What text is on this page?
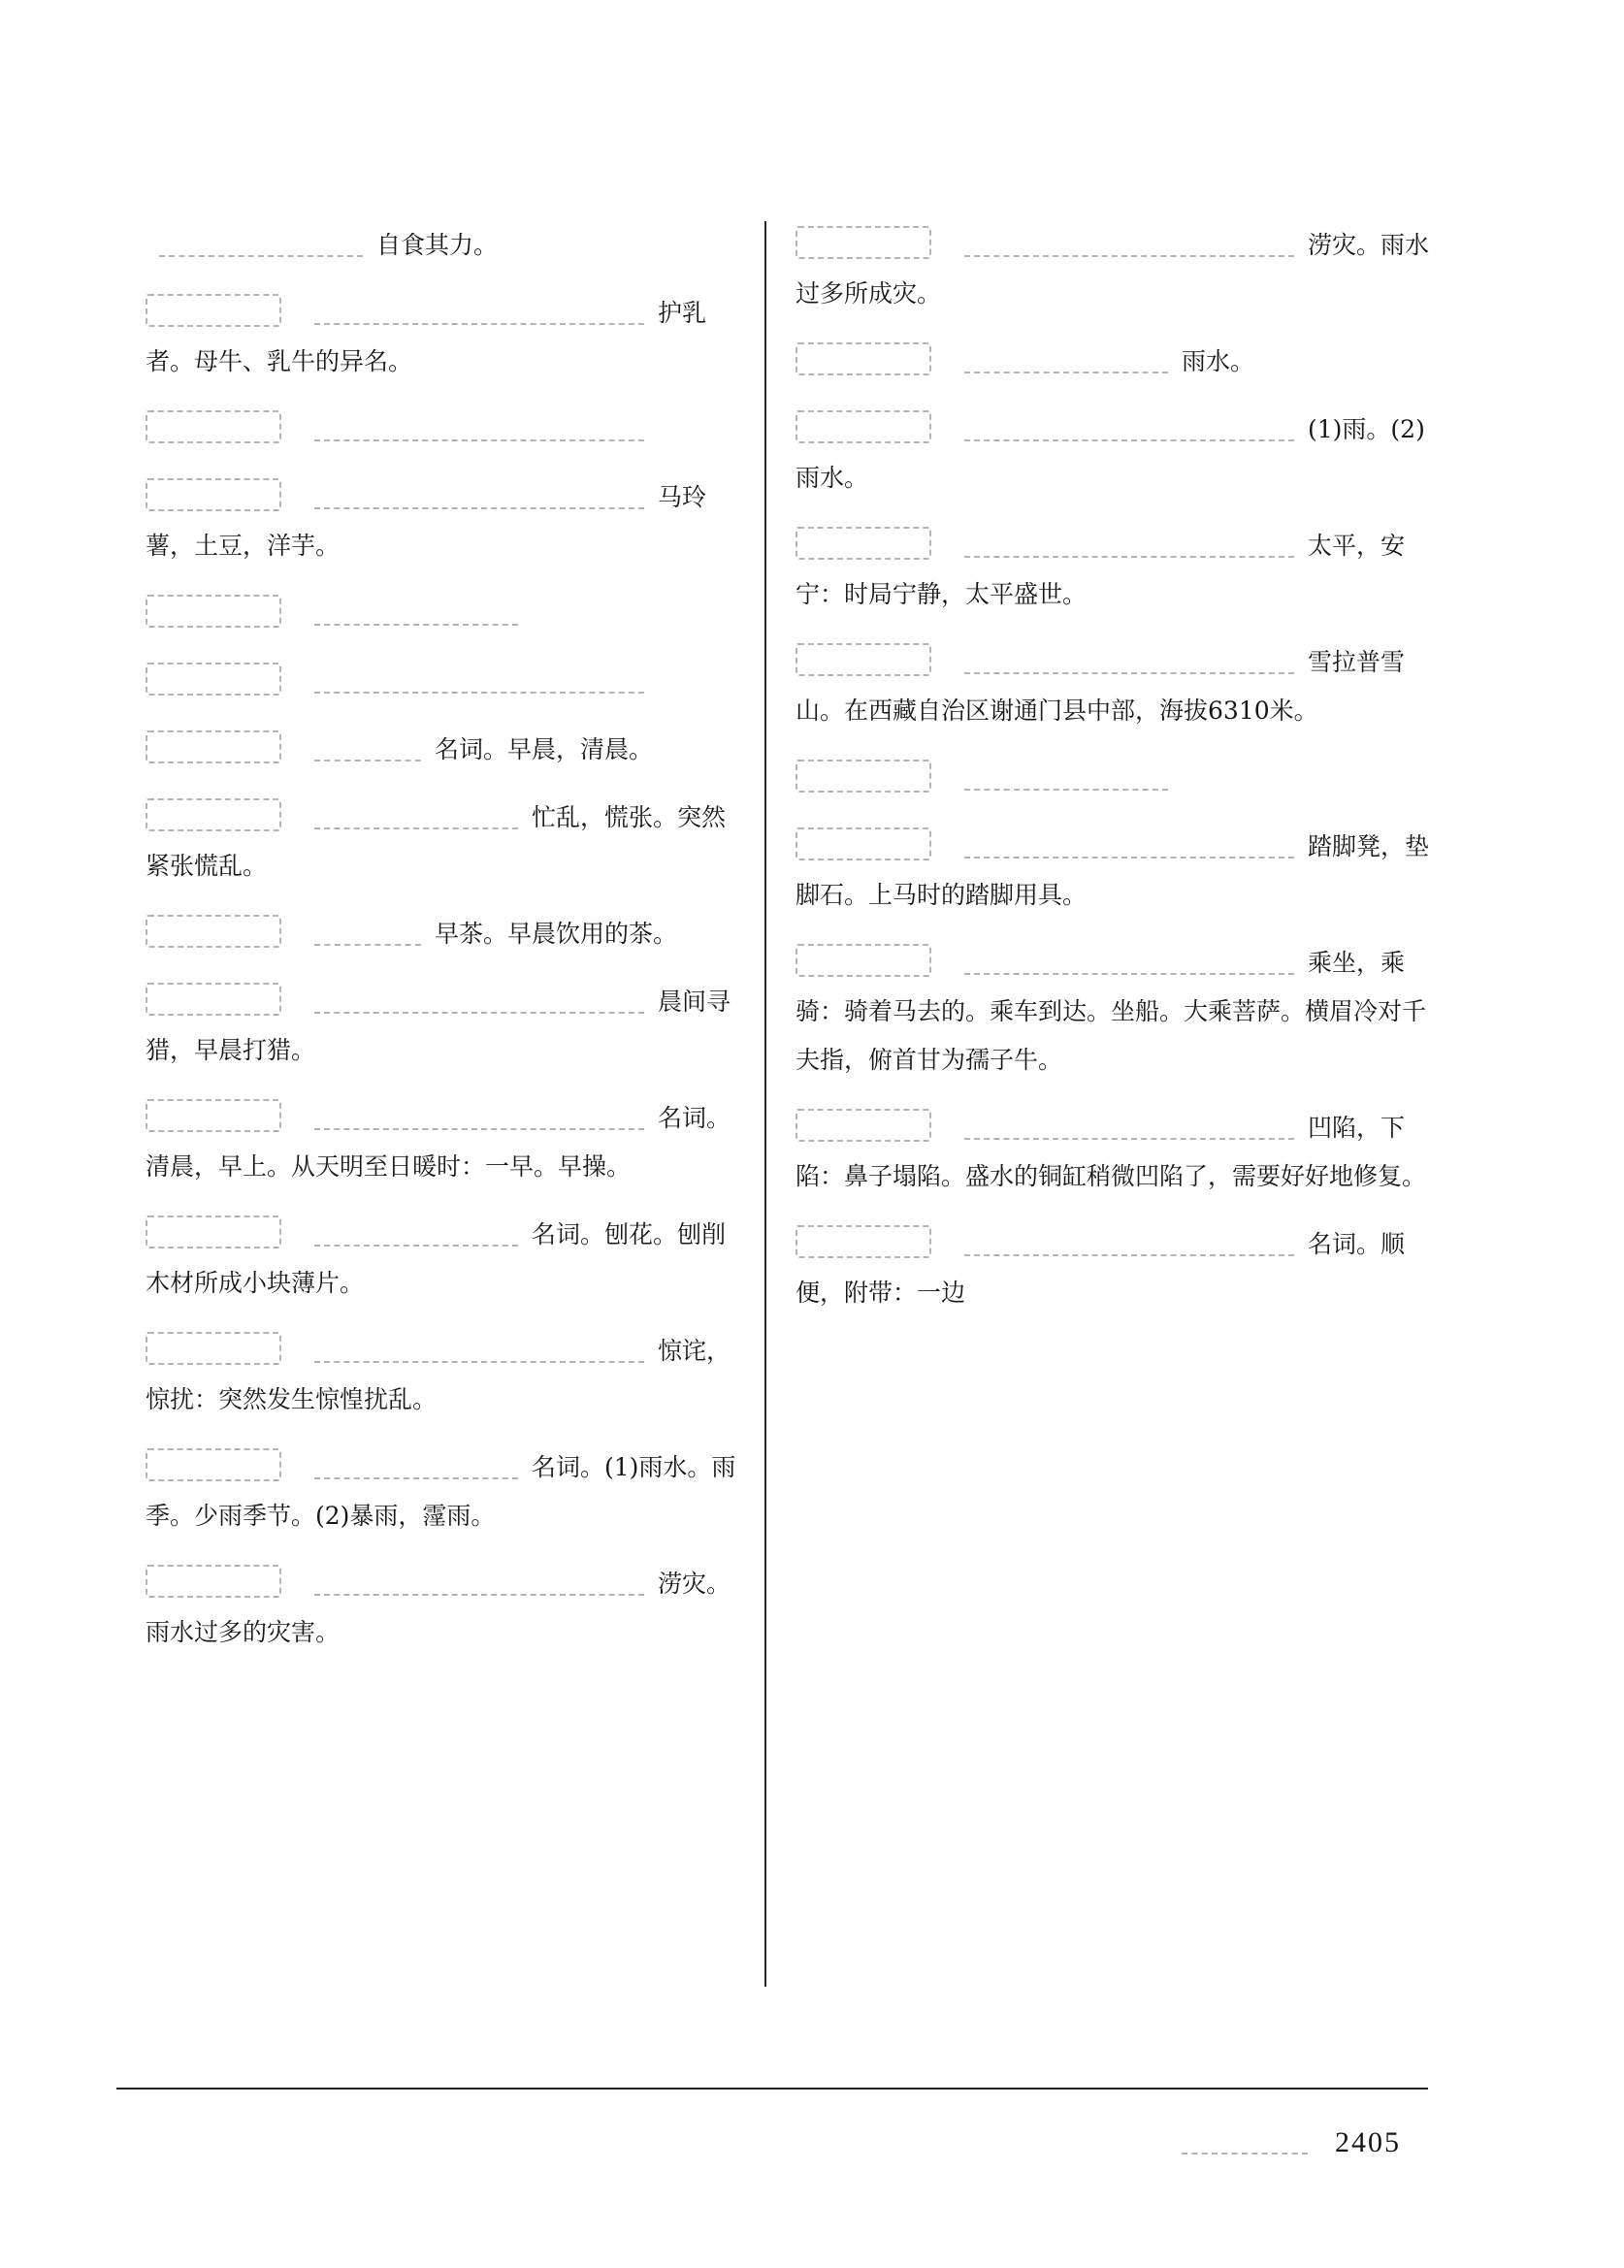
自食其力。
护乳者。母牛、乳牛的异名。
马玲薯，土豆，洋芋。
名词。早晨，清晨。
忙乱，慌张。突然紧张慌乱。
早茶。早晨饮用的茶。
晨间寻猎，早晨打猎。
名词。清晨，早上。从天明至日暖时：一早。早操。
名词。刨花。刨削木材所成小块薄片。
惊诧，惊扰：突然发生惊惶扰乱。
名词。(1)雨水。雨季。少雨季节。(2)暴雨，霪雨。
涝灾。雨水过多的灾害。
涝灾。雨水过多所成灾。
雨水。
(1)雨。(2)雨水。
太平，安宁：时局宁静，太平盛世。
雪拉普雪山。在西藏自治区谢通门县中部，海拔6310米。
踏脚凳，垫脚石。上马时的踏脚用具。
乘坐，乘骑：骑着马去的。乘车到达。坐船。大乘菩萨。横眉冷对千夫指，俯首甘为孺子牛。
凹陷，下陷：鼻子塌陷。盛水的铜缸稍微凹陷了，需要好好地修复。
名词。顺便，附带：一边
2405
